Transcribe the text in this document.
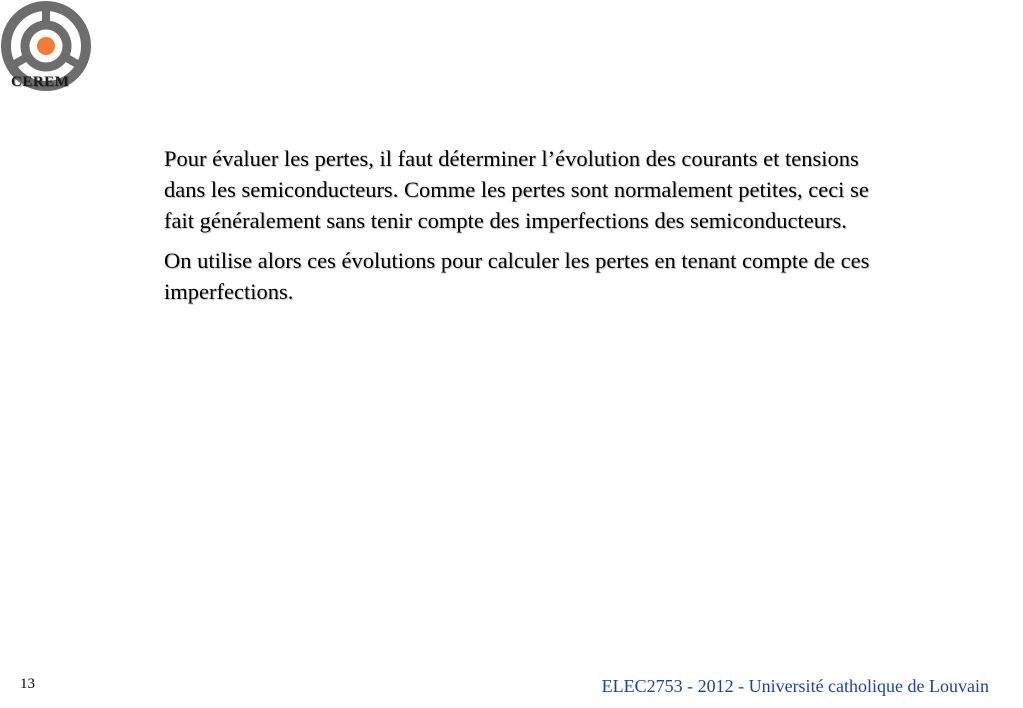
CEREM

Pour évaluer les pertes, il faut déterminer l’évolution des courants et tensions dans les semiconducteurs. Comme les pertes sont normalement petites, ceci se fait généralement sans tenir compte des imperfections des semiconducteurs.

On utilise alors ces évolutions pour calculer les pertes en tenant compte de ces imperfections.

13	ELEC2753 - 2012 - Université catholique de Louvain
